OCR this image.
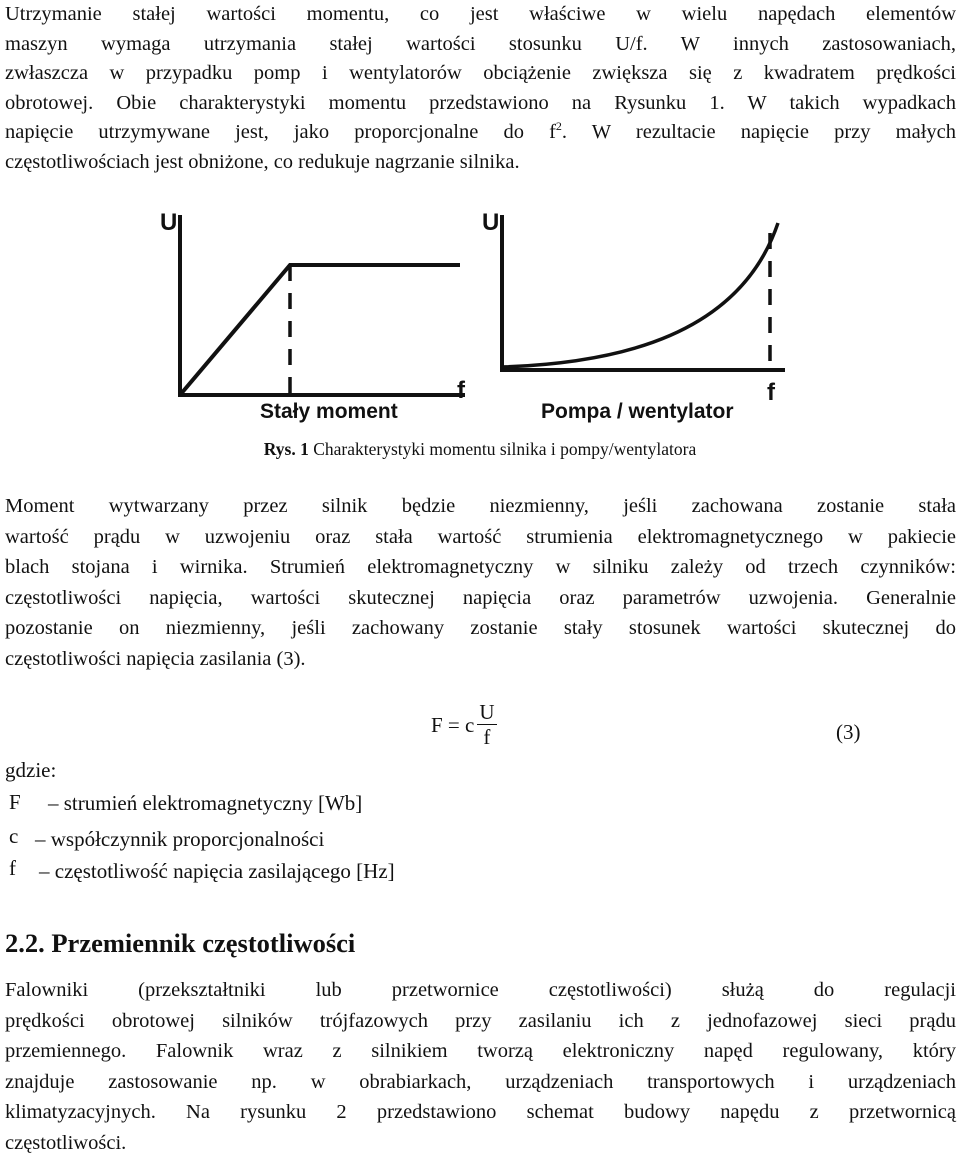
Utrzymanie stałej wartości momentu, co jest właściwe w wielu napędach elementów
maszyn wymaga utrzymania stałej wartości stosunku U/f. W innych zastosowaniach,
zwłaszcza w przypadku pomp i wentylatorów obciążenie zwiększa się z kwadratem prędkości
obrotowej. Obie charakterystyki momentu przedstawiono na Rysunku 1. W takich wypadkach
napięcie utrzymywane jest, jako proporcjonalne do $f^2$. W rezultacie napięcie przy małych
częstotliwościach jest obniżone, co redukuje nagrzanie silnika.
U
f
Stały moment
U
f
Pompa / wentylator
Rys. 1 Charakterystyki momentu silnika i pompy/wentylatora
Moment wytwarzany przez silnik będzie niezmienny, jeśli zachowana zostanie stała
wartość prądu w uzwojeniu oraz stała wartość strumienia elektromagnetycznego w pakiecie
blach stojana i wirnika. Strumień elektromagnetyczny w silniku zależy od trzech czynników:
częstotliwości napięcia, wartości skutecznej napięcia oraz parametrów uzwojenia. Generalnie
pozostanie on niezmienny, jeśli zachowany zostanie stały stosunek wartości skutecznej do
częstotliwości napięcia zasilania (3).
F = c $\frac{U}{f}$	(3)
gdzie:
F – strumień elektromagnetyczny [Wb]
c – współczynnik proporcjonalności
f – częstotliwość napięcia zasilającego [Hz]
2.2. Przemiennik częstotliwości
Falowniki (przekształtniki lub przetwornice częstotliwości) służą do regulacji
prędkości obrotowej silników trójfazowych przy zasilaniu ich z jednofazowej sieci prądu
przemiennego. Falownik wraz z silnikiem tworzą elektroniczny napęd regulowany, który
znajduje zastosowanie np. w obrabiarkach, urządzeniach transportowych i urządzeniach
klimatyzacyjnych. Na rysunku 2 przedstawiono schemat budowy napędu z przetwornicą
częstotliwości.
